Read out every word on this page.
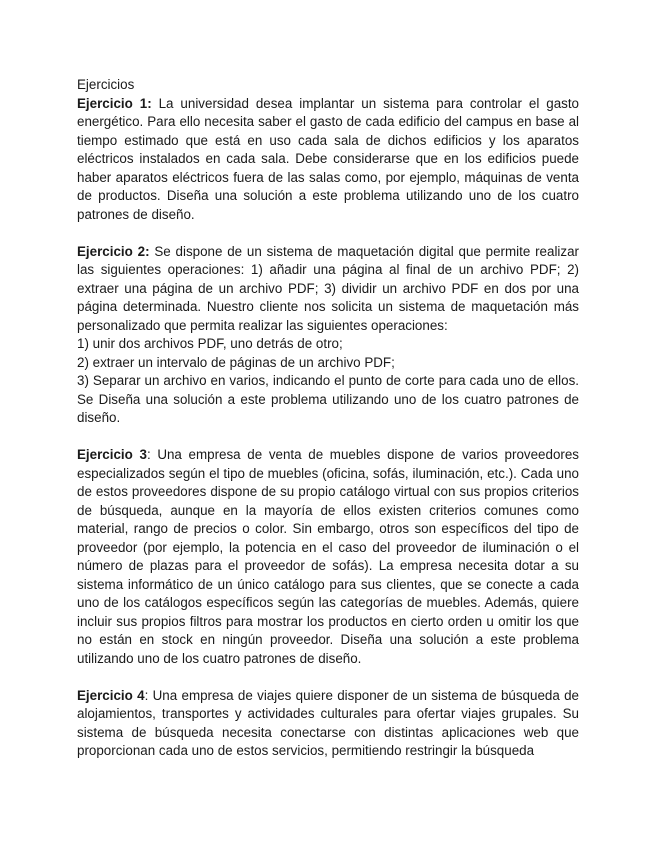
Ejercicios

Ejercicio 1: La universidad desea implantar un sistema para controlar el gasto energético. Para ello necesita saber el gasto de cada edificio del campus en base al tiempo estimado que está en uso cada sala de dichos edificios y los aparatos eléctricos instalados en cada sala. Debe considerarse que en los edificios puede haber aparatos eléctricos fuera de las salas como, por ejemplo, máquinas de venta de productos. Diseña una solución a este problema utilizando uno de los cuatro patrones de diseño.

Ejercicio 2: Se dispone de un sistema de maquetación digital que permite realizar las siguientes operaciones: 1) añadir una página al final de un archivo PDF; 2) extraer una página de un archivo PDF; 3) dividir un archivo PDF en dos por una página determinada. Nuestro cliente nos solicita un sistema de maquetación más personalizado que permita realizar las siguientes operaciones:
1) unir dos archivos PDF, uno detrás de otro;
2) extraer un intervalo de páginas de un archivo PDF;
3) Separar un archivo en varios, indicando el punto de corte para cada uno de ellos. Se Diseña una solución a este problema utilizando uno de los cuatro patrones de diseño.

Ejercicio 3: Una empresa de venta de muebles dispone de varios proveedores especializados según el tipo de muebles (oficina, sofás, iluminación, etc.). Cada uno de estos proveedores dispone de su propio catálogo virtual con sus propios criterios de búsqueda, aunque en la mayoría de ellos existen criterios comunes como material, rango de precios o color. Sin embargo, otros son específicos del tipo de proveedor (por ejemplo, la potencia en el caso del proveedor de iluminación o el número de plazas para el proveedor de sofás). La empresa necesita dotar a su sistema informático de un único catálogo para sus clientes, que se conecte a cada uno de los catálogos específicos según las categorías de muebles. Además, quiere incluir sus propios filtros para mostrar los productos en cierto orden u omitir los que no están en stock en ningún proveedor. Diseña una solución a este problema utilizando uno de los cuatro patrones de diseño.

Ejercicio 4: Una empresa de viajes quiere disponer de un sistema de búsqueda de alojamientos, transportes y actividades culturales para ofertar viajes grupales. Su sistema de búsqueda necesita conectarse con distintas aplicaciones web que proporcionan cada uno de estos servicios, permitiendo restringir la búsqueda
